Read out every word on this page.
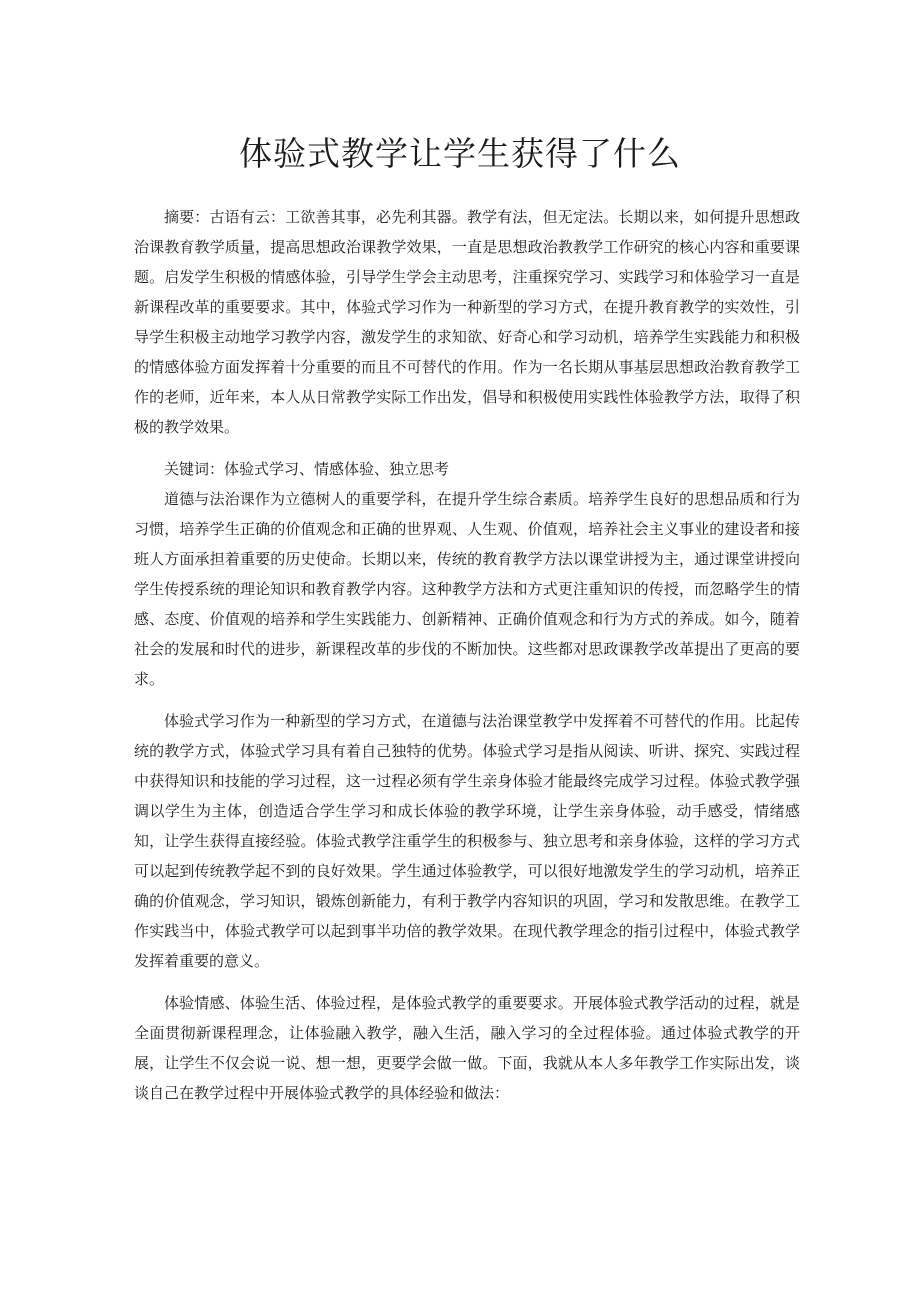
体验式教学让学生获得了什么

摘要：古语有云：工欲善其事，必先利其器。教学有法，但无定法。长期以来，如何提升思想政治课教育教学质量，提高思想政治课教学效果，一直是思想政治教教学工作研究的核心内容和重要课题。启发学生积极的情感体验，引导学生学会主动思考，注重探究学习、实践学习和体验学习一直是新课程改革的重要要求。其中，体验式学习作为一种新型的学习方式，在提升教育教学的实效性，引导学生积极主动地学习教学内容，激发学生的求知欲、好奇心和学习动机，培养学生实践能力和积极的情感体验方面发挥着十分重要的而且不可替代的作用。作为一名长期从事基层思想政治教育教学工作的老师，近年来，本人从日常教学实际工作出发，倡导和积极使用实践性体验教学方法，取得了积极的教学效果。

关键词：体验式学习、情感体验、独立思考

道德与法治课作为立德树人的重要学科，在提升学生综合素质。培养学生良好的思想品质和行为习惯，培养学生正确的价值观念和正确的世界观、人生观、价值观，培养社会主义事业的建设者和接班人方面承担着重要的历史使命。长期以来，传统的教育教学方法以课堂讲授为主，通过课堂讲授向学生传授系统的理论知识和教育教学内容。这种教学方法和方式更注重知识的传授，而忽略学生的情感、态度、价值观的培养和学生实践能力、创新精神、正确价值观念和行为方式的养成。如今，随着社会的发展和时代的进步，新课程改革的步伐的不断加快。这些都对思政课教学改革提出了更高的要求。

体验式学习作为一种新型的学习方式，在道德与法治课堂教学中发挥着不可替代的作用。比起传统的教学方式，体验式学习具有着自己独特的优势。体验式学习是指从阅读、听讲、探究、实践过程中获得知识和技能的学习过程，这一过程必须有学生亲身体验才能最终完成学习过程。体验式教学强调以学生为主体，创造适合学生学习和成长体验的教学环境，让学生亲身体验，动手感受，情绪感知，让学生获得直接经验。体验式教学注重学生的积极参与、独立思考和亲身体验，这样的学习方式可以起到传统教学起不到的良好效果。学生通过体验教学，可以很好地激发学生的学习动机，培养正确的价值观念，学习知识，锻炼创新能力，有利于教学内容知识的巩固，学习和发散思维。在教学工作实践当中，体验式教学可以起到事半功倍的教学效果。在现代教学理念的指引过程中，体验式教学发挥着重要的意义。

体验情感、体验生活、体验过程，是体验式教学的重要要求。开展体验式教学活动的过程，就是全面贯彻新课程理念，让体验融入教学，融入生活，融入学习的全过程体验。通过体验式教学的开展，让学生不仅会说一说、想一想，更要学会做一做。下面，我就从本人多年教学工作实际出发，谈谈自己在教学过程中开展体验式教学的具体经验和做法：
